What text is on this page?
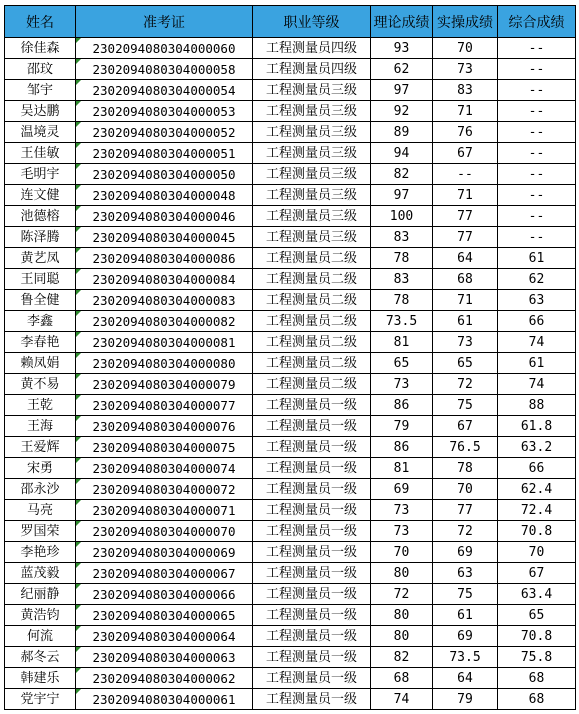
姓名	准考证	职业等级	理论成绩	实操成绩	综合成绩
徐佳森	2302094080304000060	工程测量员四级	93	70	--
邵玟	2302094080304000058	工程测量员四级	62	73	--
邹宇	2302094080304000054	工程测量员三级	97	83	--
吴达鹏	2302094080304000053	工程测量员三级	92	71	--
温境灵	2302094080304000052	工程测量员三级	89	76	--
王佳敏	2302094080304000051	工程测量员三级	94	67	--
毛明宇	2302094080304000050	工程测量员三级	82	--	--
连文健	2302094080304000048	工程测量员三级	97	71	--
池德榕	2302094080304000046	工程测量员三级	100	77	--
陈泽腾	2302094080304000045	工程测量员三级	83	77	--
黄艺凤	2302094080304000086	工程测量员二级	78	64	61
王同聪	2302094080304000084	工程测量员二级	83	68	62
鲁全健	2302094080304000083	工程测量员二级	78	71	63
李鑫	2302094080304000082	工程测量员二级	73.5	61	66
李春艳	2302094080304000081	工程测量员二级	81	73	74
赖凤娟	2302094080304000080	工程测量员二级	65	65	61
黄不易	2302094080304000079	工程测量员二级	73	72	74
王乾	2302094080304000077	工程测量员一级	86	75	88
王海	2302094080304000076	工程测量员一级	79	67	61.8
王爱辉	2302094080304000075	工程测量员一级	86	76.5	63.2
宋勇	2302094080304000074	工程测量员一级	81	78	66
邵永沙	2302094080304000072	工程测量员一级	69	70	62.4
马亮	2302094080304000071	工程测量员一级	73	77	72.4
罗国荣	2302094080304000070	工程测量员一级	73	72	70.8
李艳珍	2302094080304000069	工程测量员一级	70	69	70
蓝茂毅	2302094080304000067	工程测量员一级	80	63	67
纪丽静	2302094080304000066	工程测量员一级	72	75	63.4
黄浩钧	2302094080304000065	工程测量员一级	80	61	65
何流	2302094080304000064	工程测量员一级	80	69	70.8
郝冬云	2302094080304000063	工程测量员一级	82	73.5	75.8
韩建乐	2302094080304000062	工程测量员一级	68	64	68
党宇宁	2302094080304000061	工程测量员一级	74	79	68
